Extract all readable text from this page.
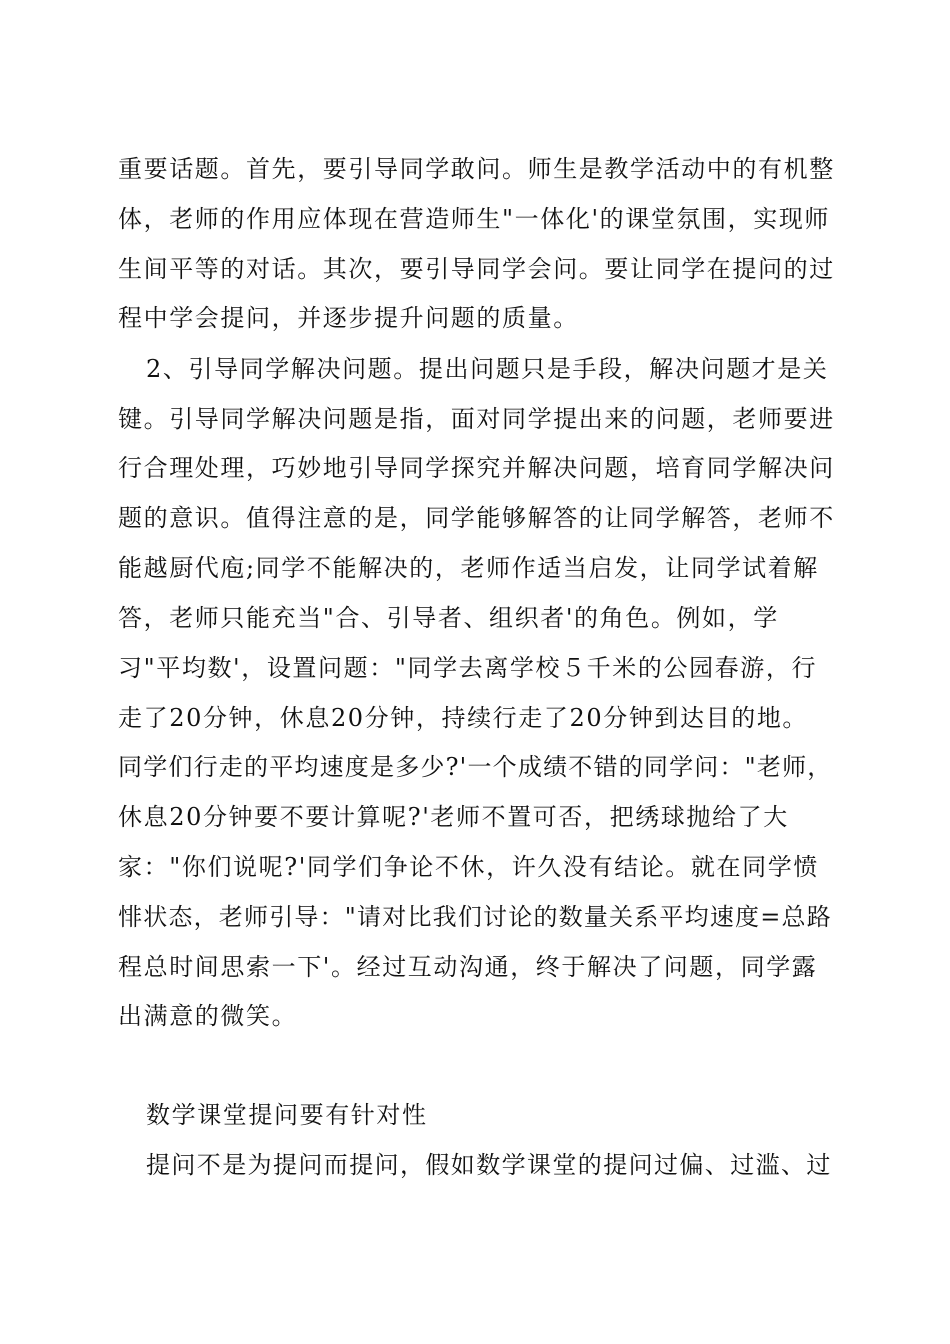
重要话题。首先，要引导同学敢问。师生是教学活动中的有机整
体，老师的作用应体现在营造师生"一体化'的课堂氛围，实现师
生间平等的对话。其次，要引导同学会问。要让同学在提问的过
程中学会提问，并逐步提升问题的质量。
2、引导同学解决问题。提出问题只是手段，解决问题才是关
键。引导同学解决问题是指，面对同学提出来的问题，老师要进
行合理处理，巧妙地引导同学探究并解决问题，培育同学解决问
题的意识。值得注意的是，同学能够解答的让同学解答，老师不
能越厨代庖;同学不能解决的，老师作适当启发，让同学试着解
答，老师只能充当"合、引导者、组织者'的角色。例如，学
习"平均数'，设置问题："同学去离学校５千米的公园春游，行
走了20分钟，休息20分钟，持续行走了20分钟到达目的地。
同学们行走的平均速度是多少?'一个成绩不错的同学问："老师，
休息20分钟要不要计算呢?'老师不置可否，把绣球抛给了大
家："你们说呢?'同学们争论不休，许久没有结论。就在同学愤
悱状态，老师引导："请对比我们讨论的数量关系平均速度=总路
程总时间思索一下'。经过互动沟通，终于解决了问题，同学露
出满意的微笑。
数学课堂提问要有针对性
提问不是为提问而提问，假如数学课堂的提问过偏、过滥、过
